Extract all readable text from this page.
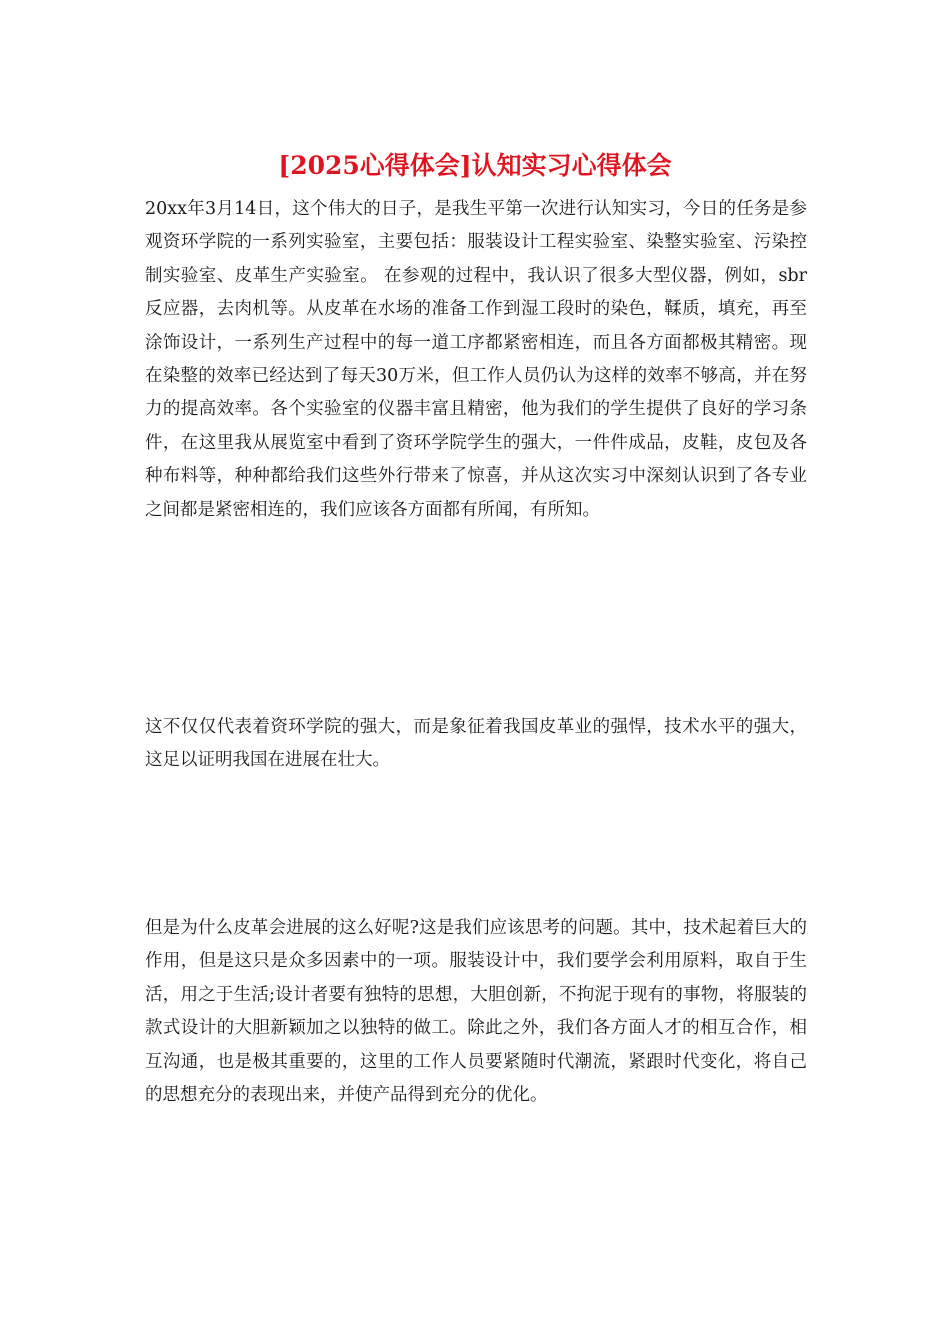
[2025心得体会]认知实习心得体会

20xx年3月14日，这个伟大的日子，是我生平第一次进行认知实习，今日的任务是参观资环学院的一系列实验室，主要包括：服装设计工程实验室、染整实验室、污染控制实验室、皮革生产实验室。 在参观的过程中，我认识了很多大型仪器，例如，sbr反应器，去肉机等。从皮革在水场的准备工作到湿工段时的染色，鞣质，填充，再至涂饰设计，一系列生产过程中的每一道工序都紧密相连，而且各方面都极其精密。现在染整的效率已经达到了每天30万米，但工作人员仍认为这样的效率不够高，并在努力的提高效率。各个实验室的仪器丰富且精密，他为我们的学生提供了良好的学习条件，在这里我从展览室中看到了资环学院学生的强大，一件件成品，皮鞋，皮包及各种布料等，种种都给我们这些外行带来了惊喜，并从这次实习中深刻认识到了各专业之间都是紧密相连的，我们应该各方面都有所闻，有所知。

这不仅仅代表着资环学院的强大，而是象征着我国皮革业的强悍，技术水平的强大，这足以证明我国在进展在壮大。

但是为什么皮革会进展的这么好呢?这是我们应该思考的问题。其中，技术起着巨大的作用，但是这只是众多因素中的一项。服装设计中，我们要学会利用原料，取自于生活，用之于生活;设计者要有独特的思想，大胆创新，不拘泥于现有的事物，将服装的款式设计的大胆新颖加之以独特的做工。除此之外，我们各方面人才的相互合作，相互沟通，也是极其重要的，这里的工作人员要紧随时代潮流，紧跟时代变化，将自己的思想充分的表现出来，并使产品得到充分的优化。
